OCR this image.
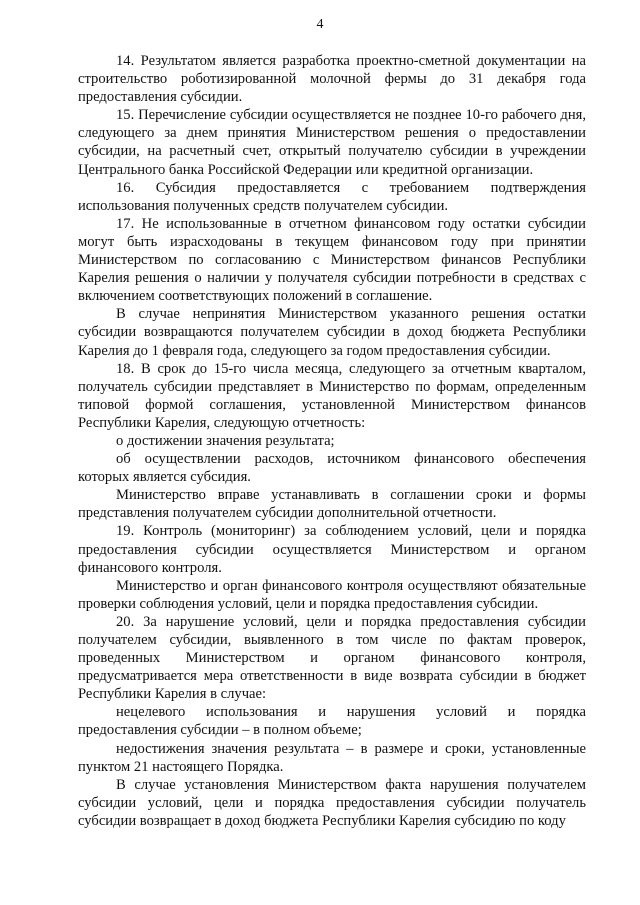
4

14. Результатом является разработка проектно-сметной документации на строительство роботизированной молочной фермы до 31 декабря года предоставления субсидии.

15. Перечисление субсидии осуществляется не позднее 10-го рабочего дня, следующего за днем принятия Министерством решения о предоставлении субсидии, на расчетный счет, открытый получателю субсидии в учреждении Центрального банка Российской Федерации или кредитной организации.

16. Субсидия предоставляется с требованием подтверждения использования полученных средств получателем субсидии.

17. Не использованные в отчетном финансовом году остатки субсидии могут быть израсходованы в текущем финансовом году при принятии Министерством по согласованию с Министерством финансов Республики Карелия решения о наличии у получателя субсидии потребности в средствах с включением соответствующих положений в соглашение.

В случае непринятия Министерством указанного решения остатки субсидии возвращаются получателем субсидии в доход бюджета Республики Карелия до 1 февраля года, следующего за годом предоставления субсидии.

18. В срок до 15-го числа месяца, следующего за отчетным кварталом, получатель субсидии представляет в Министерство по формам, определенным типовой формой соглашения, установленной Министерством финансов Республики Карелия, следующую отчетность:

о достижении значения результата;

об осуществлении расходов, источником финансового обеспечения которых является субсидия.

Министерство вправе устанавливать в соглашении сроки и формы представления получателем субсидии дополнительной отчетности.

19. Контроль (мониторинг) за соблюдением условий, цели и порядка предоставления субсидии осуществляется Министерством и органом финансового контроля.

Министерство и орган финансового контроля осуществляют обязательные проверки соблюдения условий, цели и порядка предоставления субсидии.

20. За нарушение условий, цели и порядка предоставления субсидии получателем субсидии, выявленного в том числе по фактам проверок, проведенных Министерством и органом финансового контроля, предусматривается мера ответственности в виде возврата субсидии в бюджет Республики Карелия в случае:

нецелевого использования и нарушения условий и порядка предоставления субсидии – в полном объеме;

недостижения значения результата – в размере и сроки, установленные пунктом 21 настоящего Порядка.

В случае установления Министерством факта нарушения получателем субсидии условий, цели и порядка предоставления субсидии получатель субсидии возвращает в доход бюджета Республики Карелия субсидию по коду
